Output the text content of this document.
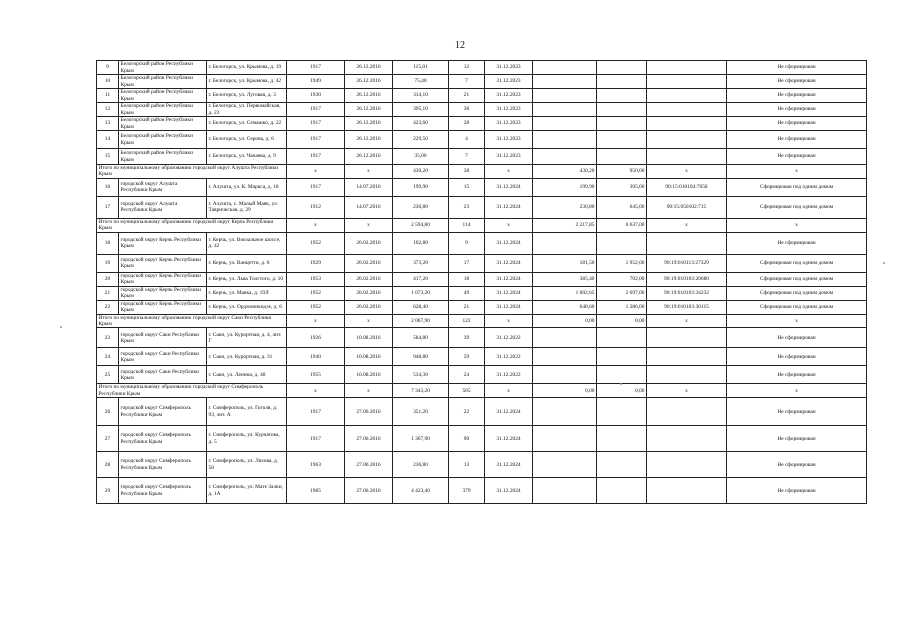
12
9	Белогорский район Республики Крым	г. Белогорск, ул. Крымова, д. 19	1917	26.12.2016	115,01	12	31.12.2023				Не сформирован
10	Белогорский район Республики Крым	г. Белогорск, ул. Крымова, д. 42	1949	26.12.2016	75,40	7	31.12.2023				Не сформирован
11	Белогорский район Республики Крым	г. Белогорск, ул. Луговая, д. 3	1930	26.12.2016	314,10	21	31.12.2023				Не сформирован
12	Белогорский район Республики Крым	г. Белогорск, ул. Первомайская, д. 23	1917	26.12.2016	395,10	36	31.12.2023				Не сформирован
13	Белогорский район Республики Крым	г. Белогорск, ул. Семашко, д. 22	1917	26.12.2016	423,60	28	31.12.2023				Не сформирован
14	Белогорский район Республики Крым	г. Белогорск, ул. Серова, д. 6	1917	26.12.2016	229,50	4	31.12.2023				Не сформирован
15	Белогорский район Республики Крым	г. Белогорск, ул. Чапаева, д. 9	1917	26.12.2016	35,00	7	31.12.2023				Не сформирован
Итого по муниципальному образованию городской округ Алушта Республики Крым			х	х	430,20	38	х	430,20	950,00	х	х
16	городской округ Алушта Республики Крым	г. Алушта, ул. К. Маркса, д. 18	1917	14.07.2016	199,90	15	31.12.2024	199,90	305,00	90:15:010104:7658	Сформирован под одним домом
17	городской округ Алушта Республики Крым	г. Алушта, с. Малый Маяк, ул. Таврическая, д. 29	1912	14.07.2016	230,80	23	31.12.2024	230,80	645,00	90:15:050102:715	Сформирован под одним домом
Итого по муниципальному образованию городской округ Керчь Республики Крым			х	х	2 594,80	114	х	2 217,85	6 637,00	х	х
18	городской округ Керчь Республики Крым	г. Керчь, ул. Вокзальное шоссе, д. 42	1952	20.02.2016	102,80	9	31.12.2024				Не сформирован
19	городской округ Керчь Республики Крым	г. Керчь, ул. Ванцетти, д. 6	1929	20.02.2016	373,20	17	31.12.2024	181,50	1 952,00	90:19:010113:27329	Сформирован под одним домом
20	городской округ Керчь Республики Крым	г. Керчь, ул. Льва Толстого, д. 10	1953	20.02.2016	417,20	18	31.12.2024	385,40	702,00	90:19:010103:20680	Сформирован под одним домом
21	городской округ Керчь Республики Крым	г. Керчь, ул. Маяка, д. 19Л	1952	20.02.2016	1 073,20	49	31.12.2024	1 002,65	2 697,00	90:19:010103:34232	Сформирован под одним домом
22	городской округ Керчь Республики Крым	г. Керчь, ул. Орджоникидзе, д. 6	1952	20.02.2016	628,40	21	31.12.2024	648,60	1 286,00	90:19:010103:30115	Сформирован под одним домом
Итого по муниципальному образованию городской округ Саки Республики Крым			х	х	2 067,90	122	х	0,00	0,00	х	х
23	городской округ Саки Республики Крым	г. Саки, ул. Курортная, д. 4, лит. Г	1926	10.08.2016	584,80	39	31.12.2022				Не сформирован
24	городской округ Саки Республики Крым	г. Саки, ул. Курортная, д. 31	1940	10.08.2016	948,80	59	31.12.2022				Не сформирован
25	городской округ Саки Республики Крым	г. Саки, ул. Ленина, д. 48	1955	10.08.2016	534,30	24	31.12.2022				Не сформирован
Итого по муниципальному образованию городской округ Симферополь Республики Крым			х	х	7 343,20	565	х	0,00	0,00	х	х
26	городской округ Симферополь Республики Крым	г. Симферополь, ул. Гоголя, д. 93, лит. А	1917	27.06.2016	351,20	22	31.12.2024				Не сформирован
27	городской округ Симферополь Республики Крым	г. Симферополь, ул. Курчатова, д. 5	1917	27.06.2016	1 367,90	90	31.12.2024				Не сформирован
28	городской округ Симферополь Республики Крым	г. Симферополь, ул. Ляхова, д. 58	1963	27.06.2016	236,80	13	31.12.2024				Не сформирован
29	городской округ Симферополь Республики Крым	г. Симферополь, ул. Мате Залки, д. 1А	1985	27.06.2016	4 423,40	379	31.12.2024				Не сформирован
